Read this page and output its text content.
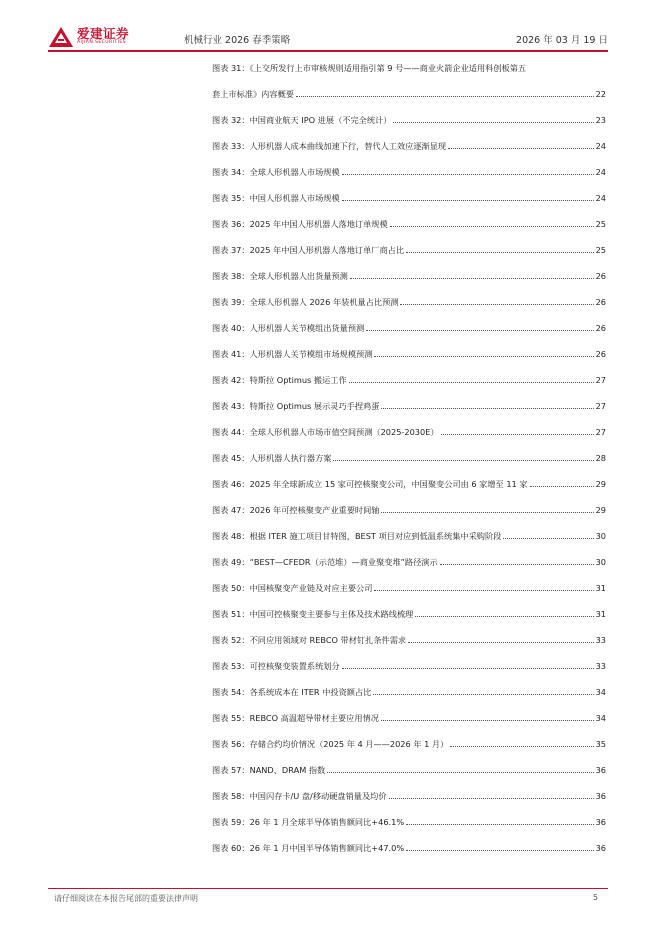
爱建证券
AIJIAN SECURITIES	机械行业 2026 春季策略	2026 年 03 月 19 日
图表 31：《上交所发行上市审核规则适用指引第 9 号——商业火箭企业适用科创板第五
套上市标准》内容概要	22
图表 32：中国商业航天 IPO 进展（不完全统计）	23
图表 33：人形机器人成本曲线加速下行，替代人工效应逐渐显现	24
图表 34：全球人形机器人市场规模	24
图表 35：中国人形机器人市场规模	24
图表 36：2025 年中国人形机器人落地订单规模	25
图表 37：2025 年中国人形机器人落地订单厂商占比	25
图表 38：全球人形机器人出货量预测	26
图表 39：全球人形机器人 2026 年装机量占比预测	26
图表 40：人形机器人关节模组出货量预测	26
图表 41：人形机器人关节模组市场规模预测	26
图表 42：特斯拉 Optimus 搬运工作	27
图表 43：特斯拉 Optimus 展示灵巧手捏鸡蛋	27
图表 44：全球人形机器人市场市值空间预测（2025-2030E）	27
图表 45：人形机器人执行器方案	28
图表 46：2025 年全球新成立 15 家可控核聚变公司，中国聚变公司由 6 家增至 11 家	29
图表 47：2026 年可控核聚变产业重要时间轴	29
图表 48：根据 ITER 施工项目甘特图，BEST 项目对应到低温系统集中采购阶段	30
图表 49：“BEST—CFEDR（示范堆）—商业聚变堆”路径演示	30
图表 50：中国核聚变产业链及对应主要公司	31
图表 51：中国可控核聚变主要参与主体及技术路线梳理	31
图表 52：不同应用领域对 REBCO 带材钉扎条件需求	33
图表 53：可控核聚变装置系统划分	33
图表 54：各系统成本在 ITER 中投资额占比	34
图表 55：REBCO 高温超导带材主要应用情况	34
图表 56：存储合约均价情况（2025 年 4 月——2026 年 1 月）	35
图表 57：NAND、DRAM 指数	36
图表 58：中国闪存卡/U 盘/移动硬盘销量及均价	36
图表 59：26 年 1 月全球半导体销售额同比+46.1%	36
图表 60：26 年 1 月中国半导体销售额同比+47.0%	36
请仔细阅读在本报告尾部的重要法律声明	5
